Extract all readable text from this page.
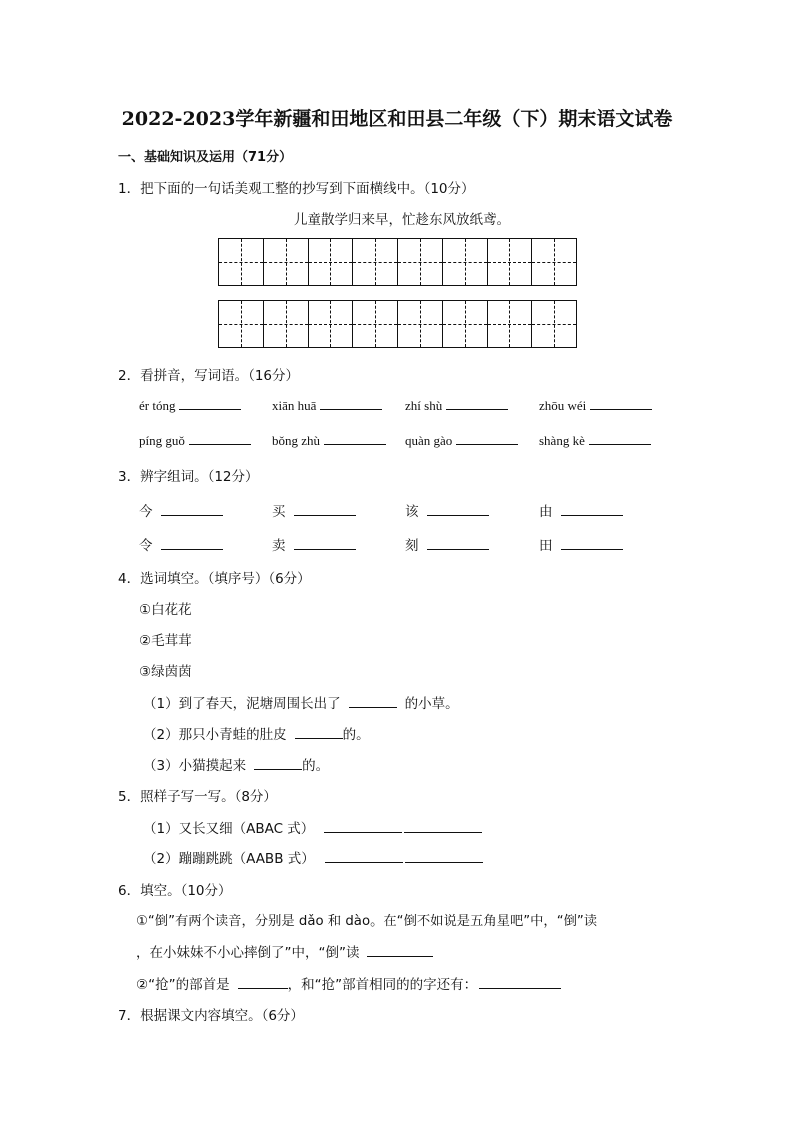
2022-2023学年新疆和田地区和田县二年级（下）期末语文试卷
一、基础知识及运用（71分）
1．把下面的一句话美观工整的抄写到下面横线中。（10分）
儿童散学归来早，忙趁东风放纸鸢。
2．看拼音，写词语。（16分）
ér tóng	xiān huā	zhí shù	zhōu wéi
píng guǒ	bǒng zhù	quàn gào	shàng kè
3．辨字组词。（12分）
今	买	该	由
令	卖	刻	田
4．选词填空。（填序号）（6分）
①白花花
②毛茸茸
③绿茵茵
（1）到了春天，泥塘周围长出了	的小草。
（2）那只小青蛙的肚皮	的。
（3）小猫摸起来	的。
5．照样子写一写。（8分）
（1）又长又细（ABAC 式）
（2）蹦蹦跳跳（AABB 式）
6．填空。（10分）
①“倒”有两个读音，分别是 dǎo 和 dào。在“倒不如说是五角星吧”中，“倒”读
，在小妹妹不小心摔倒了”中，“倒”读
②“抢”的部首是	，和“抢”部首相同的的字还有：
7．根据课文内容填空。（6分）
